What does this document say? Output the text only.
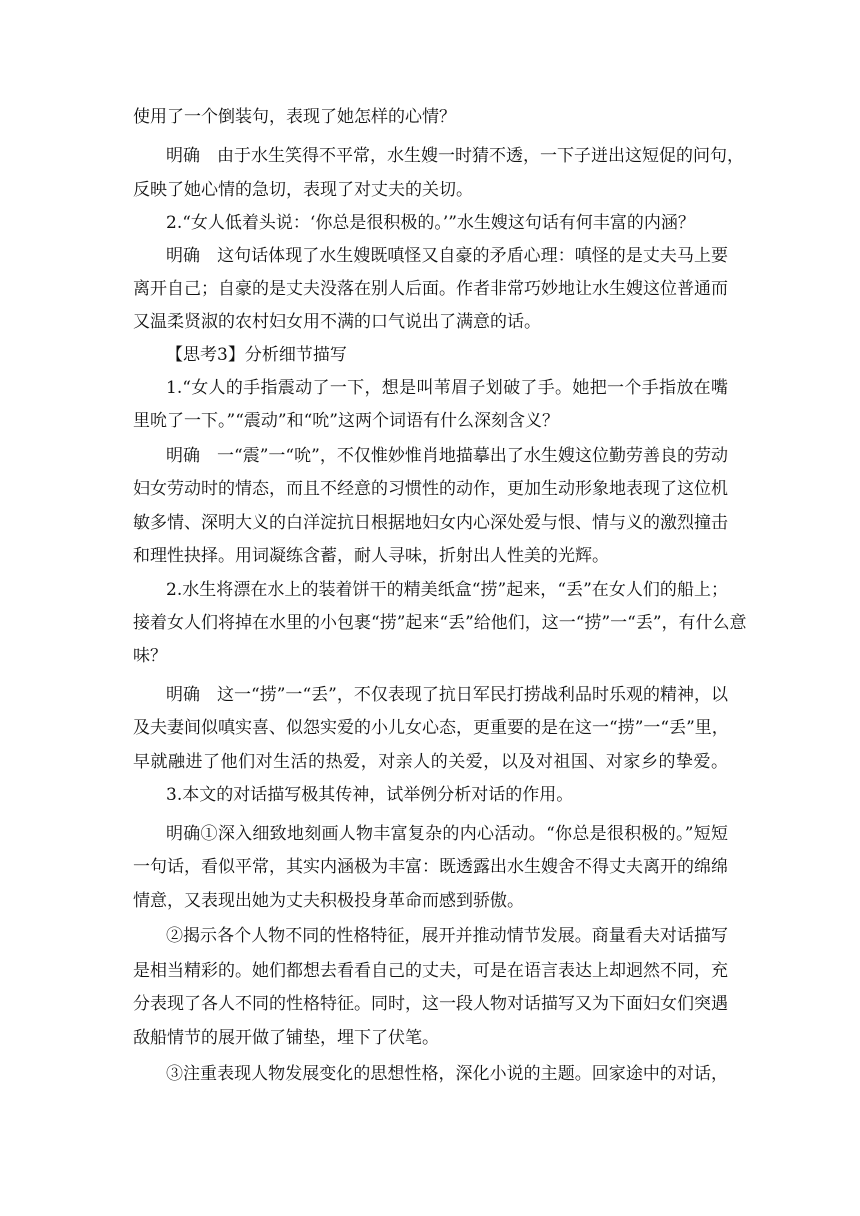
使用了一个倒装句，表现了她怎样的心情？
明确　由于水生笑得不平常，水生嫂一时猜不透，一下子迸出这短促的问句，
反映了她心情的急切，表现了对丈夫的关切。
2.“女人低着头说：‘你总是很积极的。’”水生嫂这句话有何丰富的内涵？
明确　这句话体现了水生嫂既嗔怪又自豪的矛盾心理：嗔怪的是丈夫马上要
离开自己；自豪的是丈夫没落在别人后面。作者非常巧妙地让水生嫂这位普通而
又温柔贤淑的农村妇女用不满的口气说出了满意的话。
【思考3】分析细节描写
1.“女人的手指震动了一下，想是叫苇眉子划破了手。她把一个手指放在嘴
里吮了一下。”“震动”和“吮”这两个词语有什么深刻含义？
明确　一“震”一“吮”，不仅惟妙惟肖地描摹出了水生嫂这位勤劳善良的劳动
妇女劳动时的情态，而且不经意的习惯性的动作，更加生动形象地表现了这位机
敏多情、深明大义的白洋淀抗日根据地妇女内心深处爱与恨、情与义的激烈撞击
和理性抉择。用词凝练含蓄，耐人寻味，折射出人性美的光辉。
2.水生将漂在水上的装着饼干的精美纸盒“捞”起来，“丢”在女人们的船上；
接着女人们将掉在水里的小包裹“捞”起来“丢”给他们，这一“捞”一“丢”，有什么意
味？
明确　这一“捞”一“丢”，不仅表现了抗日军民打捞战利品时乐观的精神，以
及夫妻间似嗔实喜、似怨实爱的小儿女心态，更重要的是在这一“捞”一“丢”里，
早就融进了他们对生活的热爱，对亲人的关爱，以及对祖国、对家乡的挚爱。
3.本文的对话描写极其传神，试举例分析对话的作用。
明确①深入细致地刻画人物丰富复杂的内心活动。“你总是很积极的。”短短
一句话，看似平常，其实内涵极为丰富：既透露出水生嫂舍不得丈夫离开的绵绵
情意，又表现出她为丈夫积极投身革命而感到骄傲。
②揭示各个人物不同的性格特征，展开并推动情节发展。商量看夫对话描写
是相当精彩的。她们都想去看看自己的丈夫，可是在语言表达上却迥然不同，充
分表现了各人不同的性格特征。同时，这一段人物对话描写又为下面妇女们突遇
敌船情节的展开做了铺垫，埋下了伏笔。
③注重表现人物发展变化的思想性格，深化小说的主题。回家途中的对话，
